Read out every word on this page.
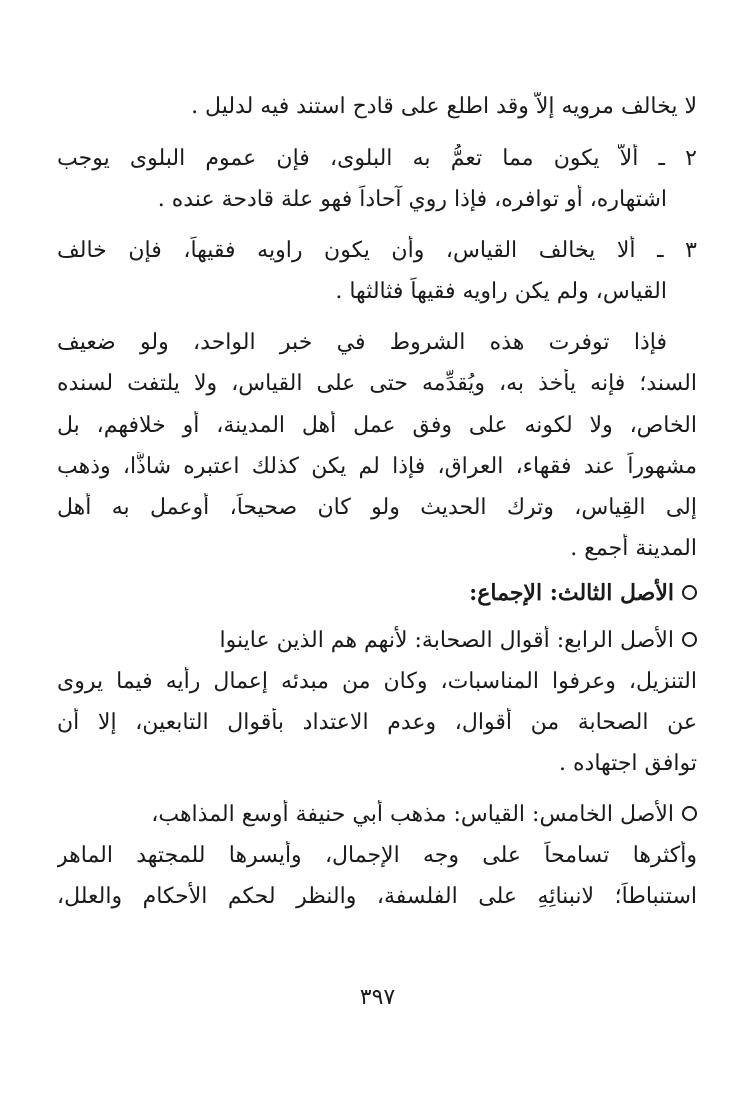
لا يخالف مرويه إلاّ وقد اطلع على قادح استند فيه لدليل .
٢ ـ ألاّ يكون مما تعمُّ به البلوى، فإن عموم البلوى يوجب
اشتهاره، أو توافره، فإذا روي آحاداً فهو علة قادحة عنده .
٣ ـ ألا يخالف القياس، وأن يكون راويه فقيهاً، فإن خالف
القياس، ولم يكن راويه فقيهاً فثالثها .
فإذا توفرت هذه الشروط في خبر الواحد، ولو ضعيف
السند؛ فإنه يأخذ به، ويُقدِّمه حتى على القياس، ولا يلتفت لسنده
الخاص، ولا لكونه على وفق عمل أهل المدينة، أو خلافهم، بل
مشهوراً عند فقهاء، العراق، فإذا لم يكن كذلك اعتبره شاذًّا، وذهب
إلى القِياس، وترك الحديث ولو كان صحيحاً، أوعمل به أهل
المدينة أجمع .
الأصل الثالث: الإجماع:
الأصل الرابع: أقوال الصحابة: لأنهم هم الذين عاينوا
التنزيل، وعرفوا المناسبات، وكان من مبدئه إعمال رأيه فيما يروى
عن الصحابة من أقوال، وعدم الاعتداد بأقوال التابعين، إلا أن
توافق اجتهاده .
الأصل الخامس: القياس: مذهب أبي حنيفة أوسع المذاهب،
وأكثرها تسامحاً على وجه الإجمال، وأيسرها للمجتهد الماهر
استنباطاً؛ لانبنائِهِ على الفلسفة، والنظر لحكم الأَحكام والعلل،
٣٩٧
